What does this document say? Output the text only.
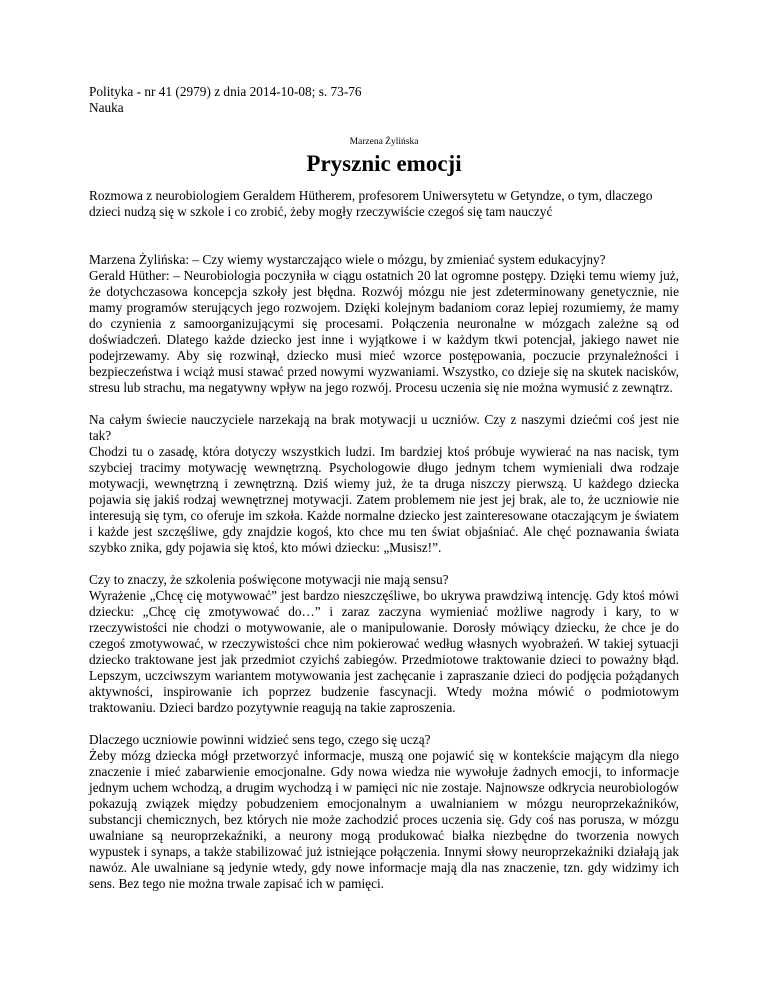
Polityka - nr 41 (2979) z dnia 2014-10-08; s. 73-76
Nauka
Marzena Żylińska
Prysznic emocji
Rozmowa z neurobiologiem Geraldem Hütherem, profesorem Uniwersytetu w Getyndze, o tym, dlaczego dzieci nudzą się w szkole i co zrobić, żeby mogły rzeczywiście czegoś się tam nauczyć
Marzena Żylińska: – Czy wiemy wystarczająco wiele o mózgu, by zmieniać system edukacyjny?
Gerald Hüther: – Neurobiologia poczyniła w ciągu ostatnich 20 lat ogromne postępy. Dzięki temu wiemy już, że dotychczasowa koncepcja szkoły jest błędna. Rozwój mózgu nie jest zdeterminowany genetycznie, nie mamy programów sterujących jego rozwojem. Dzięki kolejnym badaniom coraz lepiej rozumiemy, że mamy do czynienia z samoorganizującymi się procesami. Połączenia neuronalne w mózgach zależne są od doświadczeń. Dlatego każde dziecko jest inne i wyjątkowe i w każdym tkwi potencjał, jakiego nawet nie podejrzewamy. Aby się rozwinął, dziecko musi mieć wzorce postępowania, poczucie przynależności i bezpieczeństwa i wciąż musi stawać przed nowymi wyzwaniami. Wszystko, co dzieje się na skutek nacisków, stresu lub strachu, ma negatywny wpływ na jego rozwój. Procesu uczenia się nie można wymusić z zewnątrz.
Na całym świecie nauczyciele narzekają na brak motywacji u uczniów. Czy z naszymi dziećmi coś jest nie tak?
Chodzi tu o zasadę, która dotyczy wszystkich ludzi. Im bardziej ktoś próbuje wywierać na nas nacisk, tym szybciej tracimy motywację wewnętrzną. Psychologowie długo jednym tchem wymieniali dwa rodzaje motywacji, wewnętrzną i zewnętrzną. Dziś wiemy już, że ta druga niszczy pierwszą. U każdego dziecka pojawia się jakiś rodzaj wewnętrznej motywacji. Zatem problemem nie jest jej brak, ale to, że uczniowie nie interesują się tym, co oferuje im szkoła. Każde normalne dziecko jest zainteresowane otaczającym je światem i każde jest szczęśliwe, gdy znajdzie kogoś, kto chce mu ten świat objaśniać. Ale chęć poznawania świata szybko znika, gdy pojawia się ktoś, kto mówi dziecku: „Musisz!”.
Czy to znaczy, że szkolenia poświęcone motywacji nie mają sensu?
Wyrażenie „Chcę cię motywować” jest bardzo nieszczęśliwe, bo ukrywa prawdziwą intencję. Gdy ktoś mówi dziecku: „Chcę cię zmotywować do…” i zaraz zaczyna wymieniać możliwe nagrody i kary, to w rzeczywistości nie chodzi o motywowanie, ale o manipulowanie. Dorosły mówiący dziecku, że chce je do czegoś zmotywować, w rzeczywistości chce nim pokierować według własnych wyobrażeń. W takiej sytuacji dziecko traktowane jest jak przedmiot czyichś zabiegów. Przedmiotowe traktowanie dzieci to poważny błąd. Lepszym, uczciwszym wariantem motywowania jest zachęcanie i zapraszanie dzieci do podjęcia pożądanych aktywności, inspirowanie ich poprzez budzenie fascynacji. Wtedy można mówić o podmiotowym traktowaniu. Dzieci bardzo pozytywnie reagują na takie zaproszenia.
Dlaczego uczniowie powinni widzieć sens tego, czego się uczą?
Żeby mózg dziecka mógł przetworzyć informacje, muszą one pojawić się w kontekście mającym dla niego znaczenie i mieć zabarwienie emocjonalne. Gdy nowa wiedza nie wywołuje żadnych emocji, to informacje jednym uchem wchodzą, a drugim wychodzą i w pamięci nic nie zostaje. Najnowsze odkrycia neurobiologów pokazują związek między pobudzeniem emocjonalnym a uwalnianiem w mózgu neuroprzekaźników, substancji chemicznych, bez których nie może zachodzić proces uczenia się. Gdy coś nas porusza, w mózgu uwalniane są neuroprzekaźniki, a neurony mogą produkować białka niezbędne do tworzenia nowych wypustek i synaps, a także stabilizować już istniejące połączenia. Innymi słowy neuroprzekaźniki działają jak nawóz. Ale uwalniane są jedynie wtedy, gdy nowe informacje mają dla nas znaczenie, tzn. gdy widzimy ich sens. Bez tego nie można trwale zapisać ich w pamięci.
